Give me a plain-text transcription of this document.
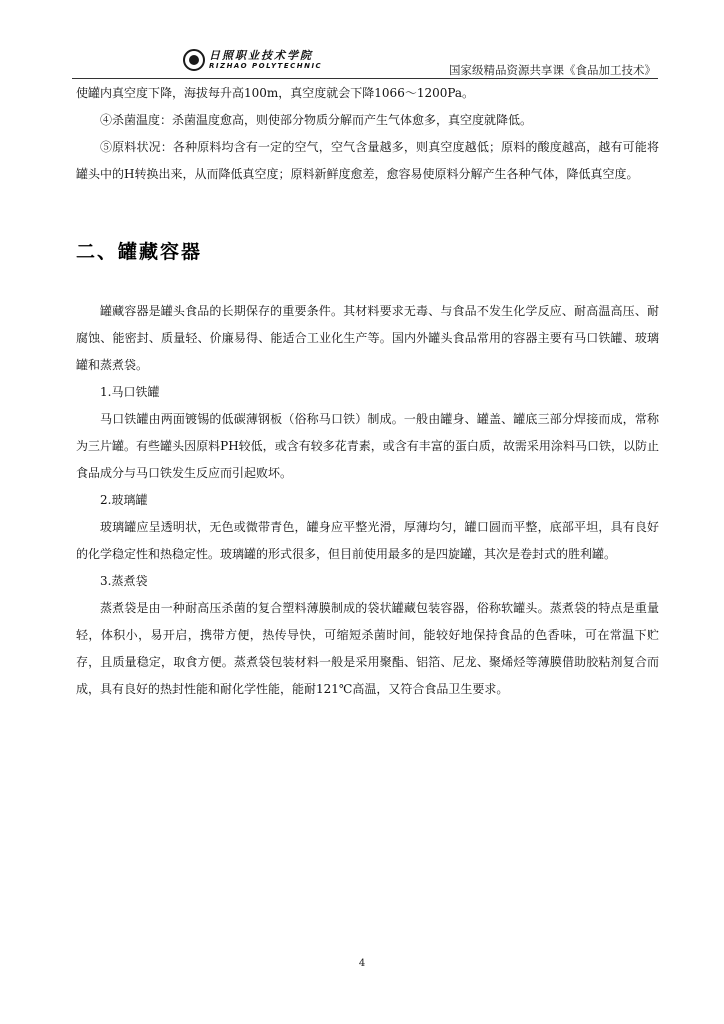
日照职业技术学院
RIZHAO POLYTECHNIC	国家级精品资源共享课《食品加工技术》

使罐内真空度下降，海拔每升高100m，真空度就会下降1066～1200Pa。

④杀菌温度：杀菌温度愈高，则使部分物质分解而产生气体愈多，真空度就降低。

⑤原料状况：各种原料均含有一定的空气，空气含量越多，则真空度越低；原料的酸度越高，越有可能将罐头中的H转换出来，从而降低真空度；原料新鲜度愈差，愈容易使原料分解产生各种气体，降低真空度。

二、罐藏容器

罐藏容器是罐头食品的长期保存的重要条件。其材料要求无毒、与食品不发生化学反应、耐高温高压、耐腐蚀、能密封、质量轻、价廉易得、能适合工业化生产等。国内外罐头食品常用的容器主要有马口铁罐、玻璃罐和蒸煮袋。

1.马口铁罐

马口铁罐由两面镀锡的低碳薄钢板（俗称马口铁）制成。一般由罐身、罐盖、罐底三部分焊接而成，常称为三片罐。有些罐头因原料PH较低，或含有较多花青素，或含有丰富的蛋白质，故需采用涂料马口铁，以防止食品成分与马口铁发生反应而引起败坏。

2.玻璃罐

玻璃罐应呈透明状，无色或微带青色，罐身应平整光滑，厚薄均匀，罐口圆而平整，底部平坦，具有良好的化学稳定性和热稳定性。玻璃罐的形式很多，但目前使用最多的是四旋罐，其次是卷封式的胜利罐。

3.蒸煮袋

蒸煮袋是由一种耐高压杀菌的复合塑料薄膜制成的袋状罐藏包装容器，俗称软罐头。蒸煮袋的特点是重量轻，体积小，易开启，携带方便，热传导快，可缩短杀菌时间，能较好地保持食品的色香味，可在常温下贮存，且质量稳定，取食方便。蒸煮袋包装材料一般是采用聚酯、铝箔、尼龙、聚烯烃等薄膜借助胶粘剂复合而成，具有良好的热封性能和耐化学性能，能耐121℃高温，又符合食品卫生要求。

4
